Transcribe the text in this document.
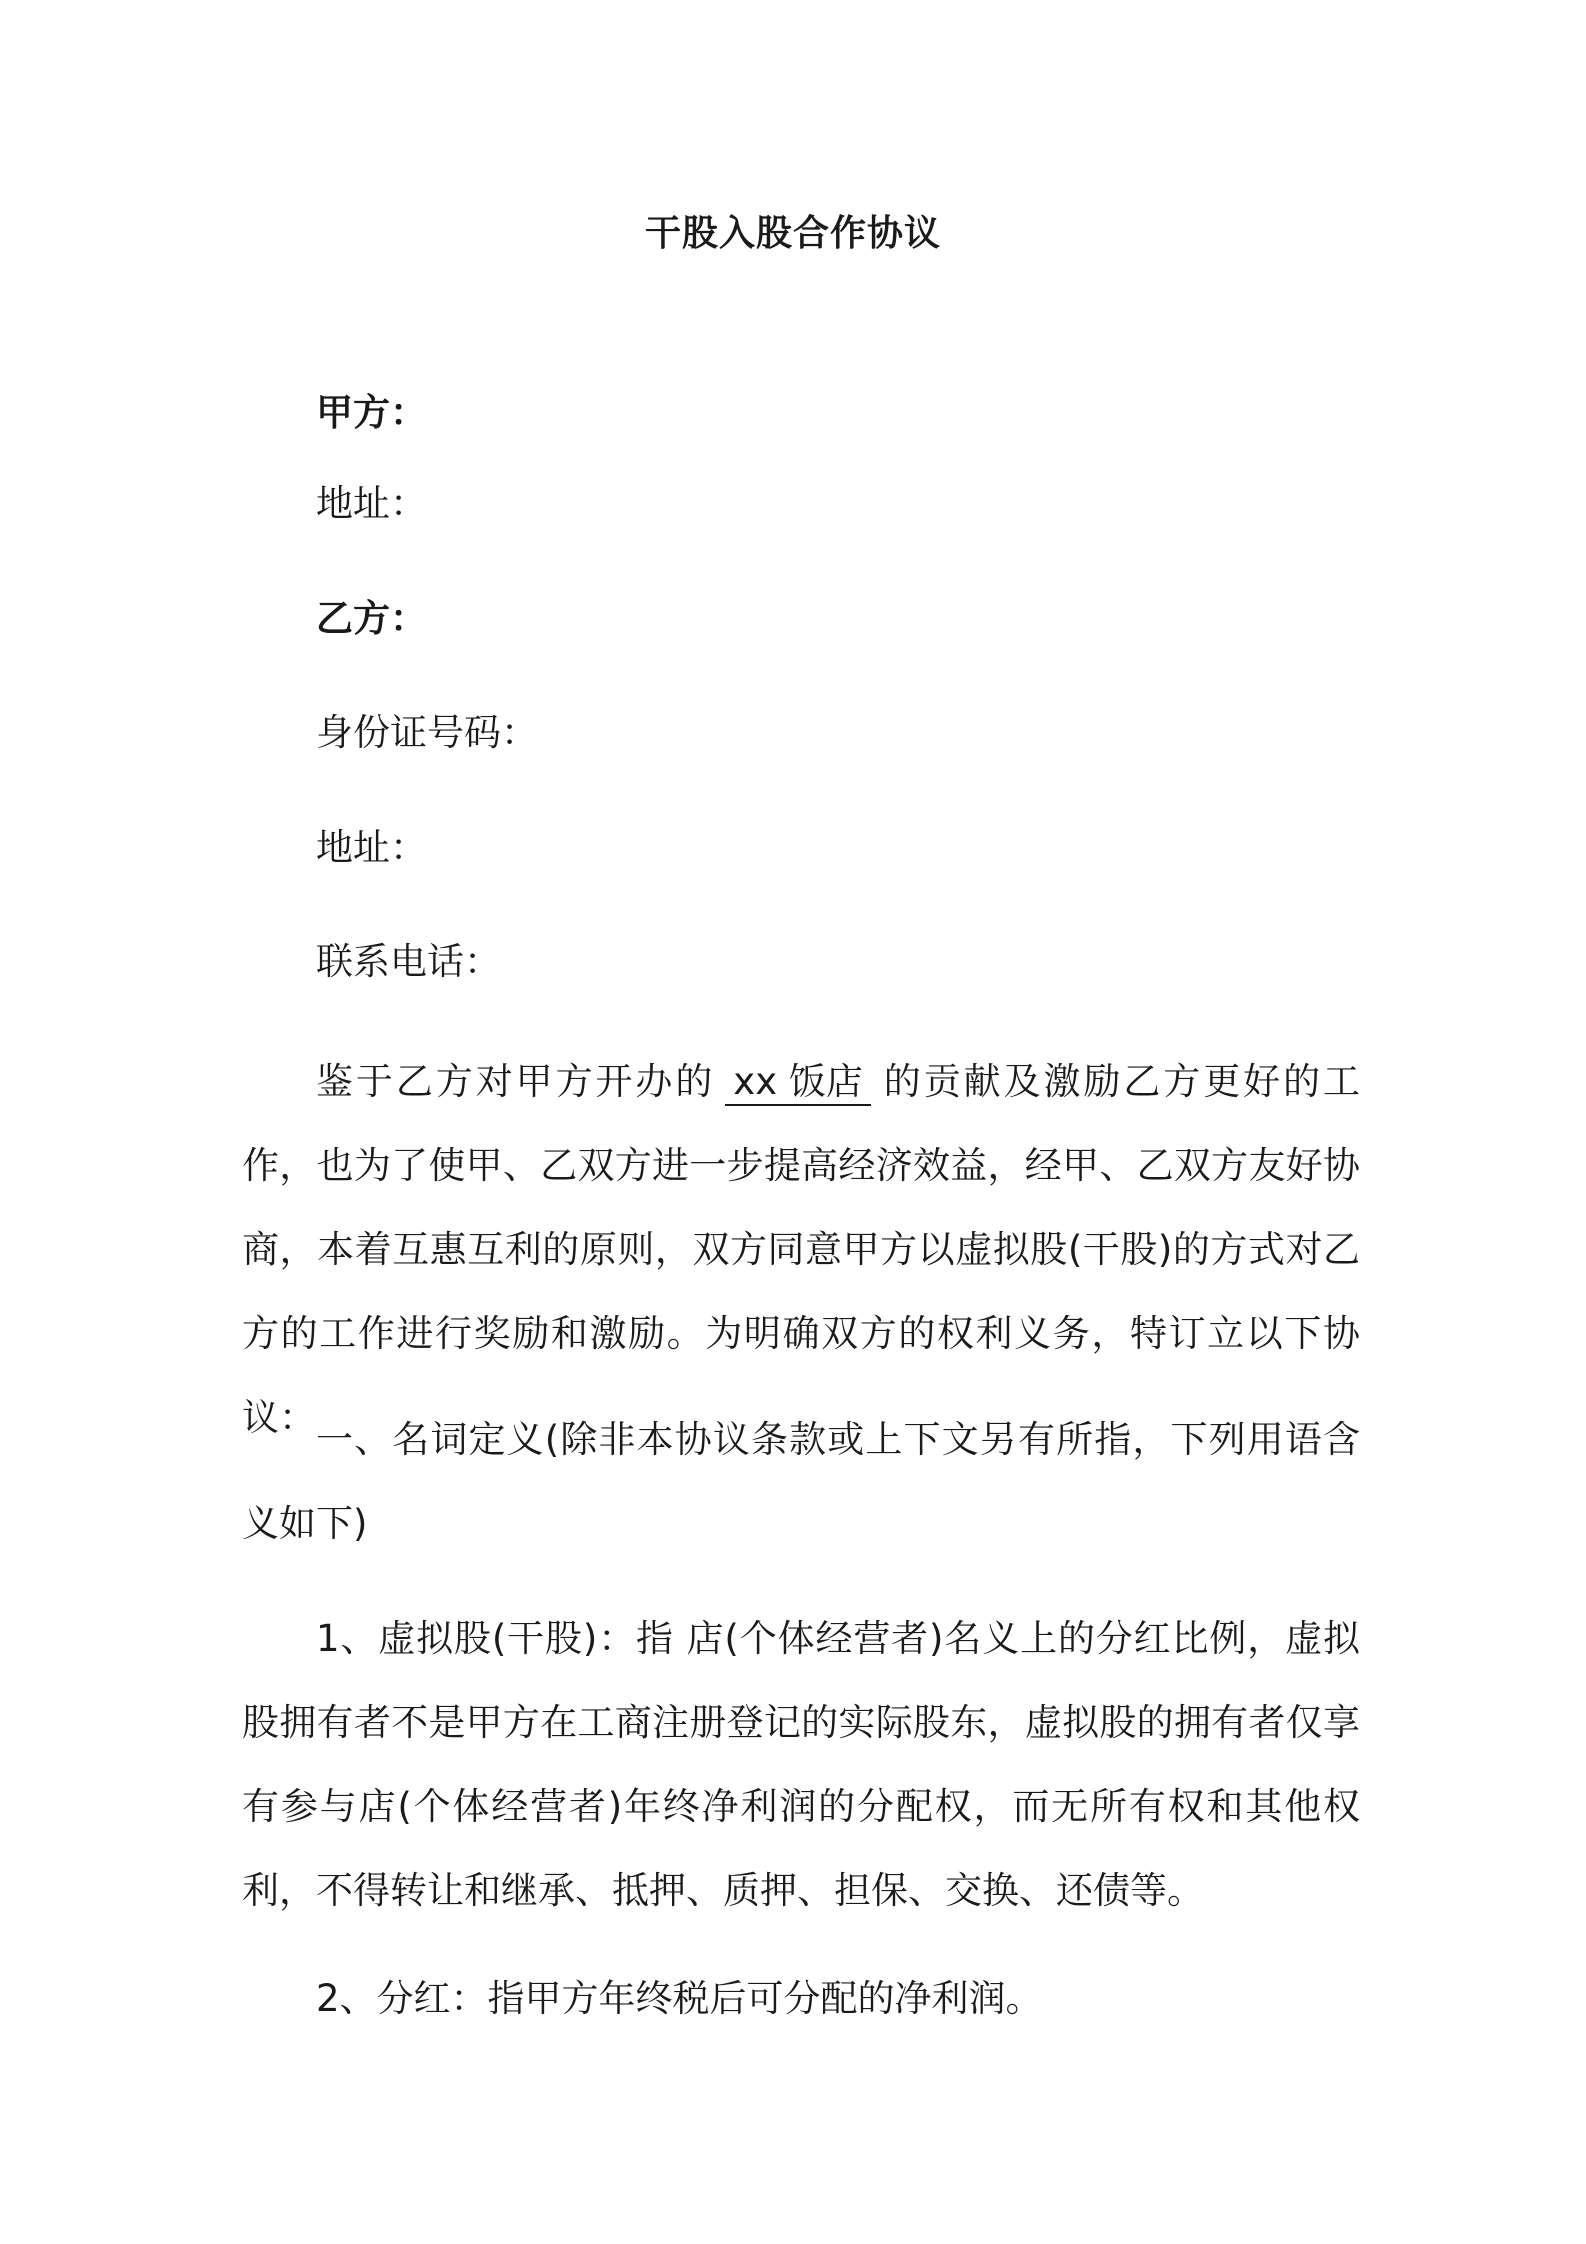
干股入股合作协议
甲方：
地址：
乙方：
身份证号码：
地址：
联系电话：
鉴于乙方对甲方开办的 xx 饭店 的贡献及激励乙方更好的工作，也为了使甲、乙双方进一步提高经济效益，经甲、乙双方友好协商，本着互惠互利的原则，双方同意甲方以虚拟股(干股)的方式对乙方的工作进行奖励和激励。为明确双方的权利义务，特订立以下协议：
一、名词定义(除非本协议条款或上下文另有所指，下列用语含义如下)
1、虚拟股(干股)：指 店(个体经营者)名义上的分红比例，虚拟股拥有者不是甲方在工商注册登记的实际股东，虚拟股的拥有者仅享有参与店(个体经营者)年终净利润的分配权，而无所有权和其他权利，不得转让和继承、抵押、质押、担保、交换、还债等。
2、分红：指甲方年终税后可分配的净利润。
